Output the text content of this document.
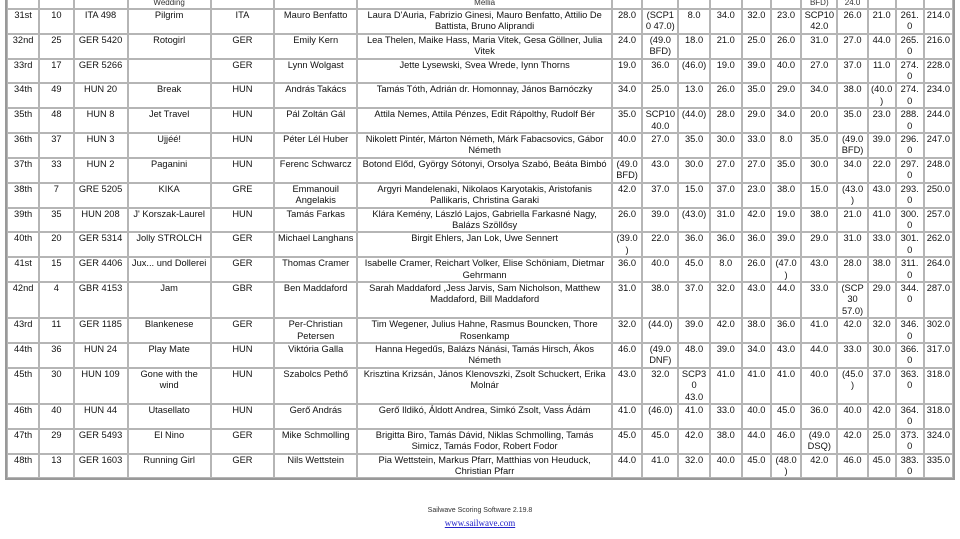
			Wedding			Mellia							BFD)	24.0			
31st	10	ITA 498	Pilgrim	ITA	Mauro Benfatto	Laura D'Auria, Fabrizio Ginesi, Mauro Benfatto, Attilio De Battista, Bruno Aliprandi	28.0	(SCP10 47.0)	8.0	34.0	32.0	23.0	SCP10 42.0	26.0	21.0	261.0	214.0
32nd	25	GER 5420	Rotogirl	GER	Emily Kern	Lea Thelen, Maike Hass, Maria Vitek, Gesa Göllner, Julia Vitek	24.0	(49.0 BFD)	18.0	21.0	25.0	26.0	31.0	27.0	44.0	265.0	216.0
33rd	17	GER 5266		GER	Lynn Wolgast	Jette Lysewski, Svea Wrede, Iynn Thorns	19.0	36.0	(46.0)	19.0	39.0	40.0	27.0	37.0	11.0	274.0	228.0
34th	49	HUN 20	Break	HUN	András Takács	Tamás Tóth, Adrián dr. Homonnay, János Barnóczky	34.0	25.0	13.0	26.0	35.0	29.0	34.0	38.0	(40.0)	274.0	234.0
35th	48	HUN 8	Jet Travel	HUN	Pál Zoltán Gál	Attila Nemes, Attila Pénzes, Edit Rápolthy, Rudolf Bér	35.0	SCP10 40.0	(44.0)	28.0	29.0	34.0	20.0	35.0	23.0	288.0	244.0
36th	37	HUN 3	Ujjéé!	HUN	Péter Lél Huber	Nikolett Pintér, Márton Németh, Márk Fabacsovics, Gábor Németh	40.0	27.0	35.0	30.0	33.0	8.0	35.0	(49.0 BFD)	39.0	296.0	247.0
37th	33	HUN 2	Paganini	HUN	Ferenc Schwarcz	Botond Előd, György Sótonyi, Orsolya Szabó, Beáta Bimbó	(49.0 BFD)	43.0	30.0	27.0	27.0	35.0	30.0	34.0	22.0	297.0	248.0
38th	7	GRE 5205	KIKA	GRE	Emmanouil Angelakis	Argyri Mandelenaki, Nikolaos Karyotakis, Aristofanis Pallikaris, Christina Garaki	42.0	37.0	15.0	37.0	23.0	38.0	15.0	(43.0)	43.0	293.0	250.0
39th	35	HUN 208	J' Korszak-Laurel	HUN	Tamás Farkas	Klára Kemény, László Lajos, Gabriella Farkasné Nagy, Balázs Szöllősy	26.0	39.0	(43.0)	31.0	42.0	19.0	38.0	21.0	41.0	300.0	257.0
40th	20	GER 5314	Jolly STROLCH	GER	Michael Langhans	Birgit Ehlers, Jan Lok, Uwe Sennert	(39.0)	22.0	36.0	36.0	36.0	39.0	29.0	31.0	33.0	301.0	262.0
41st	15	GER 4406	Jux... und Dollerei	GER	Thomas Cramer	Isabelle Cramer, Reichart Volker, Elise Schöniam, Dietmar Gehrmann	36.0	40.0	45.0	8.0	26.0	(47.0)	43.0	28.0	38.0	311.0	264.0
42nd	4	GBR 4153	Jam	GBR	Ben Maddaford	Sarah Maddaford ,Jess Jarvis, Sam Nicholson, Matthew Maddaford, Bill Maddaford	31.0	38.0	37.0	32.0	43.0	44.0	33.0	(SCP30 57.0)	29.0	344.0	287.0
43rd	11	GER 1185	Blankenese	GER	Per-Christian Petersen	Tim Wegener, Julius Hahne, Rasmus Bouncken, Thore Rosenkamp	32.0	(44.0)	39.0	42.0	38.0	36.0	41.0	42.0	32.0	346.0	302.0
44th	36	HUN 24	Play Mate	HUN	Viktória Galla	Hanna Hegedűs, Balázs Nánási, Tamás Hirsch, Ákos Németh	46.0	(49.0 DNF)	48.0	39.0	34.0	43.0	44.0	33.0	30.0	366.0	317.0
45th	30	HUN 109	Gone with the wind	HUN	Szabolcs Pethő	Krisztina Krizsán, János Klenovszki, Zsolt Schuckert, Erika Molnár	43.0	32.0	SCP30 43.0	41.0	41.0	41.0	40.0	(45.0)	37.0	363.0	318.0
46th	40	HUN 44	Utasellato	HUN	Gerő András	Gerő Ildikó, Áldott Andrea, Simkó Zsolt, Vass Ádám	41.0	(46.0)	41.0	33.0	40.0	45.0	36.0	40.0	42.0	364.0	318.0
47th	29	GER 5493	El Nino	GER	Mike Schmolling	Brigitta Biro, Tamás Dávid, Niklas Schmolling, Tamás Simicz, Tamás Fodor, Robert Fodor	45.0	45.0	42.0	38.0	44.0	46.0	(49.0 DSQ)	42.0	25.0	373.0	324.0
48th	13	GER 1603	Running Girl	GER	Nils Wettstein	Pia Wettstein, Markus Pfarr, Matthias von Heuduck, Christian Pfarr	44.0	41.0	32.0	40.0	45.0	(48.0)	42.0	46.0	45.0	383.0	335.0
Sailwave Scoring Software 2.19.8
www.sailwave.com
